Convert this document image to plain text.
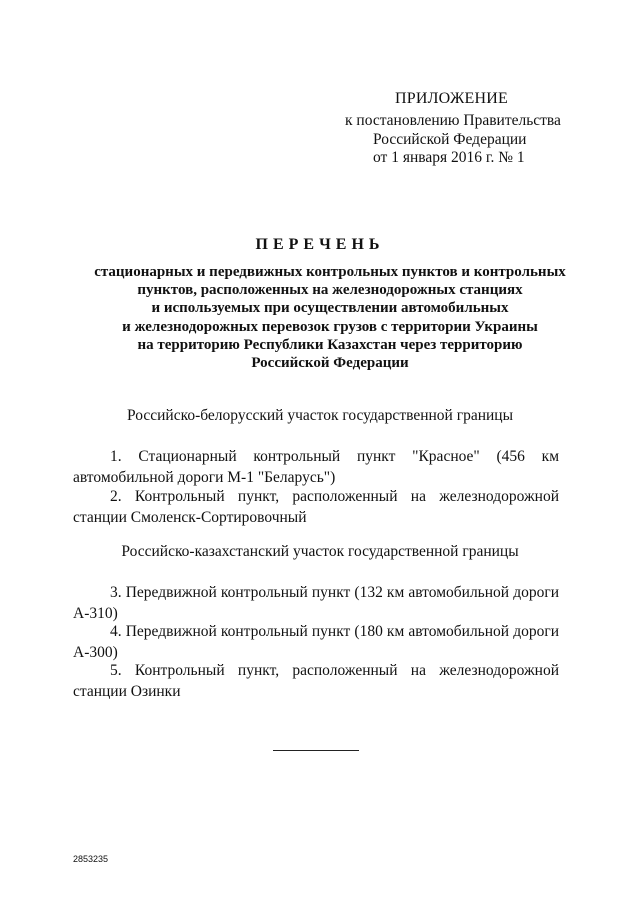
ПРИЛОЖЕНИЕ
к постановлению Правительства
Российской Федерации
от 1 января 2016 г. № 1
ПЕРЕЧЕНЬ
стационарных и передвижных контрольных пунктов и контрольных
пунктов, расположенных на железнодорожных станциях
и используемых при осуществлении автомобильных
и железнодорожных перевозок грузов с территории Украины
на территорию Республики Казахстан через территорию
Российской Федерации
Российско-белорусский участок государственной границы
1. Стационарный контрольный пункт "Красное" (456 км
автомобильной дороги М-1 "Беларусь")
2. Контрольный пункт, расположенный на железнодорожной
станции Смоленск-Сортировочный
Российско-казахстанский участок государственной границы
3. Передвижной контрольный пункт (132 км автомобильной дороги
А-310)
4. Передвижной контрольный пункт (180 км автомобильной дороги
А-300)
5. Контрольный пункт, расположенный на железнодорожной
станции Озинки
2853235
